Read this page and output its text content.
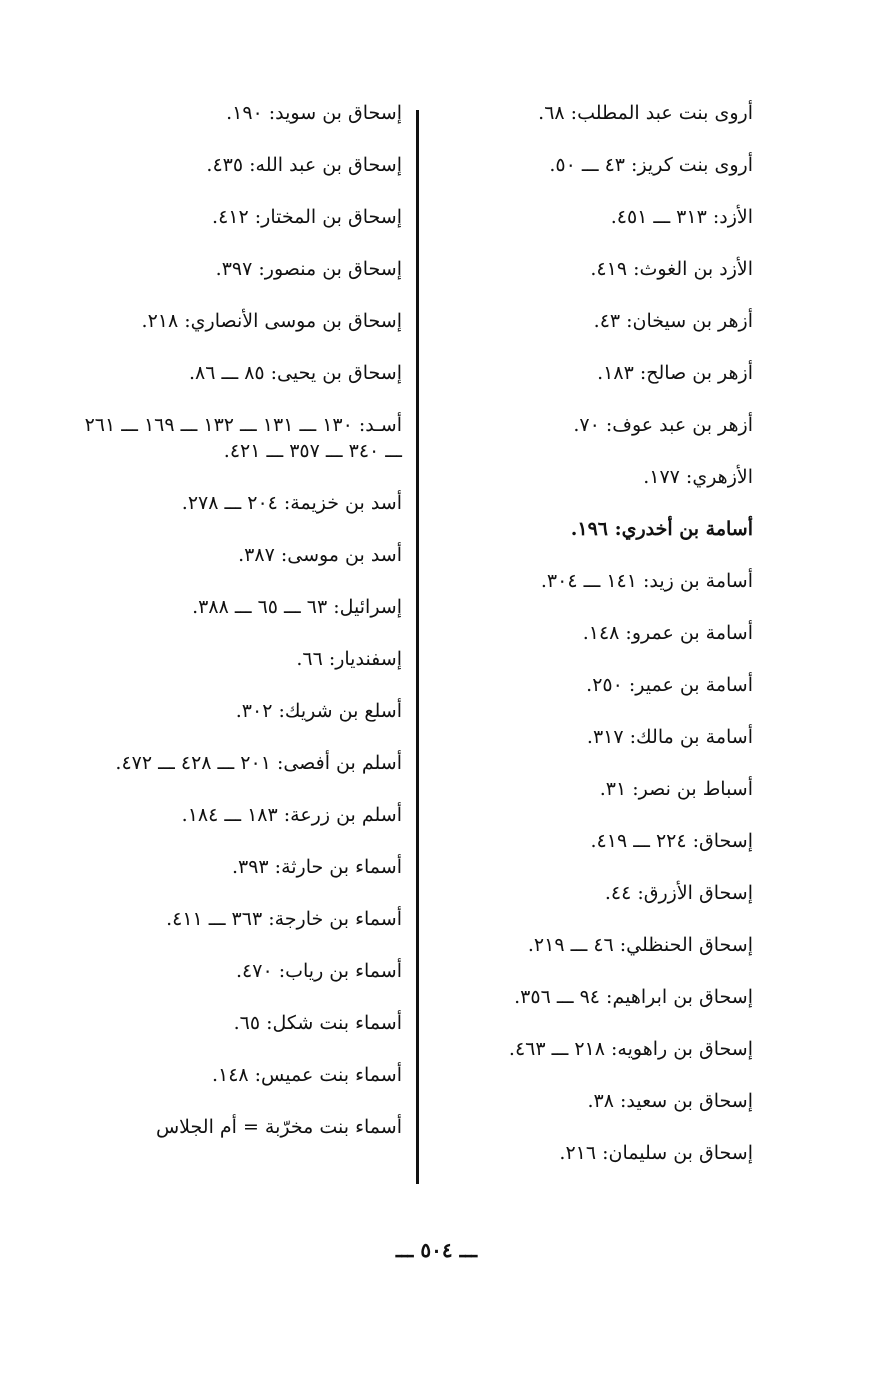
أروى بنت عبد المطلب: ٦٨.
أروى بنت كريز: ٤٣ ـــ ٥٠.
الأزد: ٣١٣ ـــ ٤٥١.
الأزد بن الغوث: ٤١٩.
أزهر بن سيخان: ٤٣.
أزهر بن صالح: ١٨٣.
أزهر بن عبد عوف: ٧٠.
الأزهري: ١٧٧.
أسامة بن أخدري: ١٩٦.
أسامة بن زيد: ١٤١ ـــ ٣٠٤.
أسامة بن عمرو: ١٤٨.
أسامة بن عمير: ٢٥٠.
أسامة بن مالك: ٣١٧.
أسباط بن نصر: ٣١.
إسحاق: ٢٢٤ ـــ ٤١٩.
إسحاق الأزرق: ٤٤.
إسحاق الحنظلي: ٤٦ ـــ ٢١٩.
إسحاق بن ابراهيم: ٩٤ ـــ ٣٥٦.
إسحاق بن راهويه: ٢١٨ ـــ ٤٦٣.
إسحاق بن سعيد: ٣٨.
إسحاق بن سليمان: ٢١٦.
إسحاق بن سويد: ١٩٠.
إسحاق بن عبد الله: ٤٣٥.
إسحاق بن المختار: ٤١٢.
إسحاق بن منصور: ٣٩٧.
إسحاق بن موسى الأنصاري: ٢١٨.
إسحاق بن يحيى: ٨٥ ـــ ٨٦.
أسـد: ١٣٠ ـــ ١٣١ ـــ ١٣٢ ـــ ١٦٩ ـــ ٢٦١ ـــ ٣٤٠ ـــ ٣٥٧ ـــ ٤٢١.
أسد بن خزيمة: ٢٠٤ ـــ ٢٧٨.
أسد بن موسى: ٣٨٧.
إسرائيل: ٦٣ ـــ ٦٥ ـــ ٣٨٨.
إسفنديار: ٦٦.
أسلع بن شريك: ٣٠٢.
أسلم بن أفصى: ٢٠١ ـــ ٤٢٨ ـــ ٤٧٢.
أسلم بن زرعة: ١٨٣ ـــ ١٨٤.
أسماء بن حارثة: ٣٩٣.
أسماء بن خارجة: ٣٦٣ ـــ ٤١١.
أسماء بن رياب: ٤٧٠.
أسماء بنت شكل: ٦٥.
أسماء بنت عميس: ١٤٨.
أسماء بنت مخرّبة = أم الجلاس
ـــ ٥٠٤ ـــ
